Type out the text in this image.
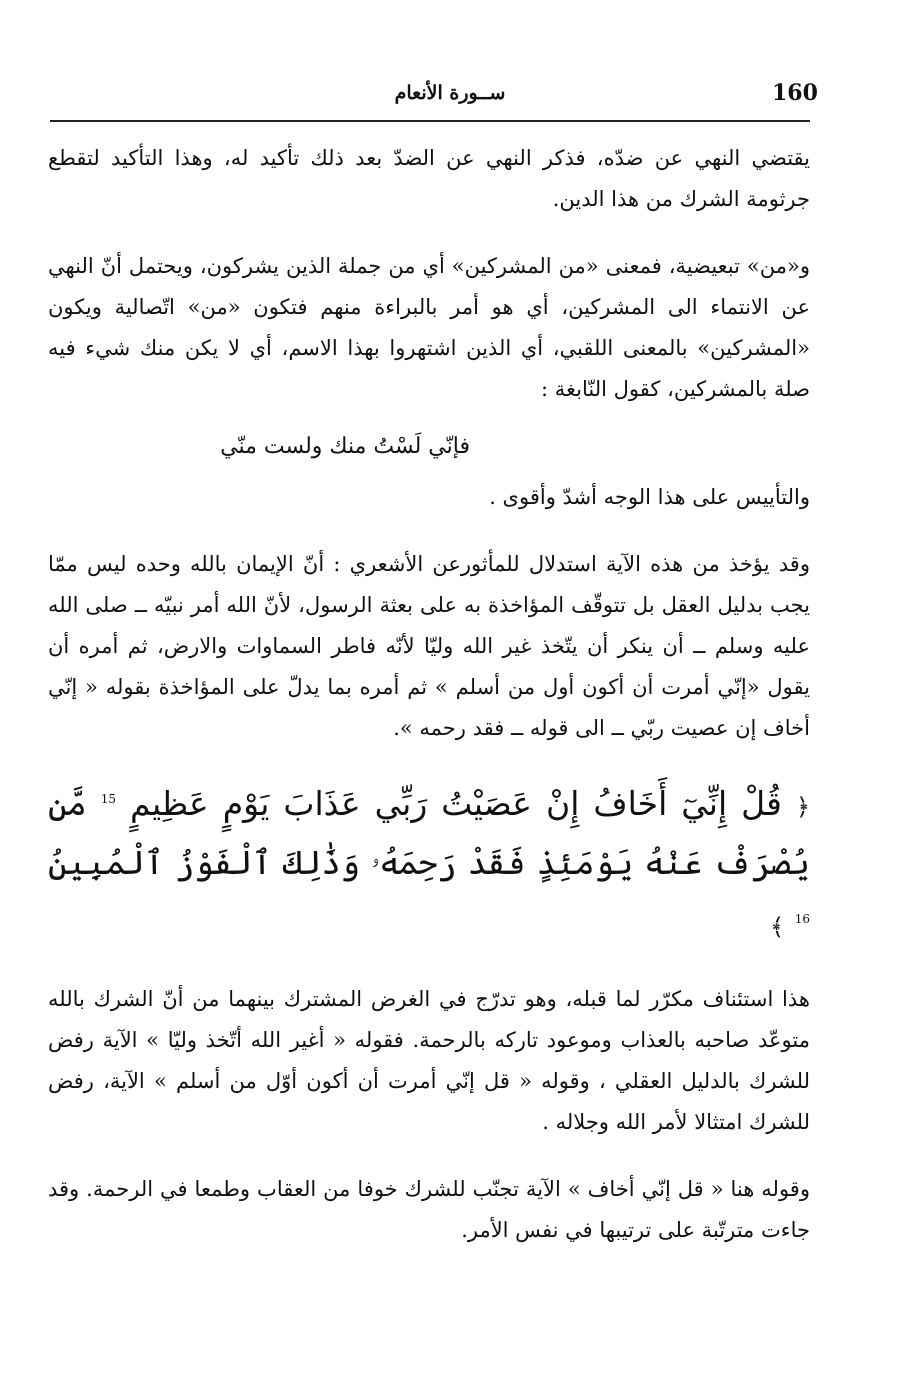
160
ســورة الأنعام

يقتضي النهي عن ضدّه، فذكر النهي عن الضدّ بعد ذلك تأكيد له، وهذا التأكيد لتقطع جرثومة الشرك من هذا الدين.

و«من» تبعيضية، فمعنى «من المشركين» أي من جملة الذين يشركون، ويحتمل أنّ النهي عن الانتماء الى المشركين، أي هو أمر بالبراءة منهم فتكون «من» اتّصالية ويكون «المشركين» بالمعنى اللقبي، أي الذين اشتهروا بهذا الاسم، أي لا يكن منك شيء فيه صلة بالمشركين، كقول النّابغة :

فإنّي لَسْتُ منك ولست منّي

والتأييس على هذا الوجه أشدّ وأقوى .

وقد يؤخذ من هذه الآية استدلال للمأثورعن الأشعري : أنّ الإيمان بالله وحده ليس ممّا يجب بدليل العقل بل تتوقّف المؤاخذة به على بعثة الرسول، لأنّ الله أمر نبيّه ــ صلى الله عليه وسلم ــ أن ينكر أن يتّخذ غير الله وليّا لأنّه فاطر السماوات والارض، ثم أمره أن يقول «إنّي أمرت أن أكون أول من أسلم » ثم أمره بما يدلّ على المؤاخذة بقوله « إنّي أخاف إن عصيت ربّي ــ الى قوله ــ فقد رحمه ».

﴿ قُلْ إِنِّيٓ أَخَافُ إِنْ عَصَيْتُ رَبِّي عَذَابَ يَوْمٍ عَظِيمٍ $^{15}$ مَّن يُصْرَفْ عَنْهُ يَوْمَئِذٍ فَقَدْ رَحِمَهُۥ وَذَٰلِكَ ٱلْفَوْزُ ٱلْمُبِينُ $^{16}$ ﴾

هذا استئناف مكرّر لما قبله، وهو تدرّج في الغرض المشترك بينهما من أنّ الشرك بالله متوعّد صاحبه بالعذاب وموعود تاركه بالرحمة. فقوله « أغير الله أتّخذ وليّا » الآية رفض للشرك بالدليل العقلي ، وقوله « قل إنّي أمرت أن أكون أوّل من أسلم » الآية، رفض للشرك امتثالا لأمر الله وجلاله .

وقوله هنا « قل إنّي أخاف » الآية تجنّب للشرك خوفا من العقاب وطمعا في الرحمة. وقد جاءت مترتّبة على ترتيبها في نفس الأمر.
